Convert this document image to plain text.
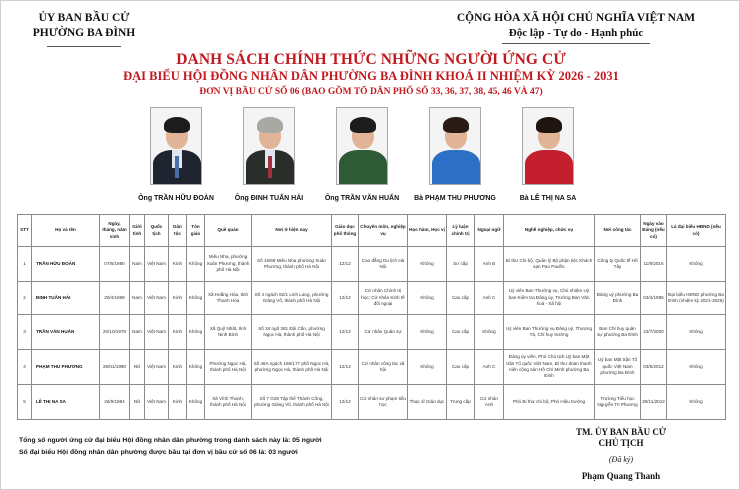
ỦY BAN BẦU CỬ
PHƯỜNG BA ĐÌNH
CỘNG HÒA XÃ HỘI CHỦ NGHĨA VIỆT NAM
Độc lập - Tự do - Hạnh phúc
DANH SÁCH CHÍNH THỨC NHỮNG NGƯỜI ỨNG CỬ
ĐẠI BIỂU HỘI ĐỒNG NHÂN DÂN PHƯỜNG BA ĐÌNH KHOÁ II NHIỆM KỲ 2026 - 2031
ĐƠN VỊ BẦU CỬ SỐ 06 (BAO GỒM TỔ DÂN PHỐ SỐ 33, 36, 37, 38, 45, 46 VÀ 47)
Ông TRẦN HỮU ĐOÀN	Ông ĐINH TUẤN HẢI	Ông TRẦN VĂN HUẤN	Bà PHẠM THU PHƯƠNG	Bà LÊ THỊ NA SA
STT	Họ và tên	Ngày, tháng, năm sinh	Giới tính	Quốc tịch	Dân tộc	Tôn giáo	Quê quán	Nơi ở hiện nay	Giáo dục phổ thông	Chuyên môn, nghiệp vụ	Học hàm, Học vị	Lý luận chính trị	Ngoại ngữ	Nghề nghiệp, chức vụ	Nơi công tác	Ngày vào Đảng (nếu có)	Là đại biểu HĐND (nếu có)
1	TRẦN HỮU ĐOÀN	07/6/1980	Nam	Việt Nam	Kinh	Không	Miêu Nha, phường Xuân Phương, thành phố Hà Nội	Số 16/69 Miêu Nha phường Xuân Phương, thành phố Hà Nội	12/12	Cao đẳng Du lịch Hà Nội	Không	Sơ cấp	Anh B	Bí thư Chi bộ, Quản lý Bộ phận tiệc Khách sạn Pan Pacific	Công ty Quốc tế Hồ Tây	11/9/2016	Không
2	ĐINH TUẤN HẢI	20/4/1969	Nam	Việt Nam	Kinh	Không	Xã Hoằng Hóa, tỉnh Thanh Hóa	Số 4 ngách 62/1 Linh Lang, phường Giảng Võ, thành phố Hà Nội	12/12	Cử nhân Chính trị học; Cử nhân Kinh tế đối ngoại	Không	Cao cấp	Anh C	Uỷ viên Ban Thường vụ, Chủ nhiệm Uỷ ban Kiểm tra Đảng ủy, Trưởng Ban Văn hoá - Xã hội	Đảng uỷ phường Ba Đình	03/4/1995	Đại biểu HĐND phường Ba Đình (nhiệm kỳ 2021-2026)
3	TRẦN VĂN HUẤN	20/10/1978	Nam	Việt Nam	Kinh	Không	Xã Quỹ Nhất, tỉnh Ninh Bình	Số 34 ngõ 381 Đội Cấn, phường Ngọc Hà, thành phố Hà Nội	12/12	Cử nhân Quân sự	Không	Cao cấp	Không	Uỷ viên Ban Thường vụ Đảng uỷ, Thượng Tá, Chỉ huy trưởng	Ban Chỉ huy quân sự phường Ba Đình	23/7/2000	Không
4	PHẠM THU PHƯƠNG	26/01/1990	Nữ	Việt Nam	Kinh	Không	Phường Ngọc Hà, thành phố Hà Nội	Số 46A ngách 158/177 phố Ngọc Hà, phường Ngọc Hà, thành phố Hà Nội	12/12	Cử nhân công tác xã hội	Không	Cao cấp	Anh C	Đảng ủy viên, Phó Chủ tịch Uỷ ban Mặt trận Tổ quốc Việt Nam, Bí thư đoàn thanh niên cộng sản Hồ Chí Minh phường Ba Đình	Uỷ ban Mặt trận Tổ quốc Việt Nam phường Ba Đình	03/5/2012	Không
5	LÊ THỊ NA SA	26/9/1984	Nữ	Việt Nam	Kinh	Không	Xã Vĩnh Thanh, thành phố Hà Nội	Số 7 G28 Tập thể Thành Công, phường Giảng Võ, thành phố Hà Nội	12/12	Cử nhân sư phạm tiểu học	Thạc sĩ Giáo dục	Trung cấp	Cử nhân Anh	Phó Bí thư chi bộ, Phó Hiệu trưởng	Trường Tiểu học Nguyễn Tri Phương	30/11/2012	Không
Tổng số người ứng cử đại biểu Hội đồng nhân dân phường trong danh sách này là: 05 người
Số đại biểu Hội đồng nhân dân phường được bầu tại đơn vị bầu cử số 06 là: 03 người
TM. ỦY BAN BẦU CỬ
CHỦ TỊCH
(Đã ký)
Phạm Quang Thanh
